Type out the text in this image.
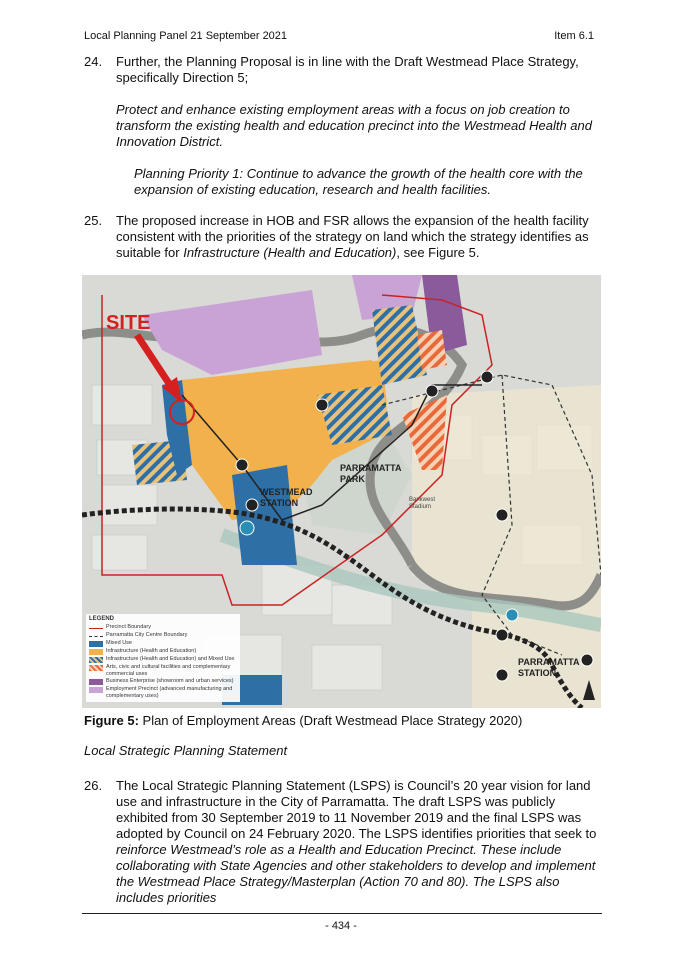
Local Planning Panel 21 September 2021	Item 6.1
24.	Further, the Planning Proposal is in line with the Draft Westmead Place Strategy, specifically Direction 5;
Protect and enhance existing employment areas with a focus on job creation to transform the existing health and education precinct into the Westmead Health and Innovation District.
Planning Priority 1: Continue to advance the growth of the health core with the expansion of existing education, research and health facilities.
25.	The proposed increase in HOB and FSR allows the expansion of the health facility consistent with the priorities of the strategy on land which the strategy identifies as suitable for Infrastructure (Health and Education), see Figure 5.
SITE
PARRAMATTA
PARK
WESTMEAD
STATION	Bankwest
Stadium
PARRAMATTA
STATION
LEGEND
Precinct Boundary
Parramatta City Centre Boundary
Mixed Use
Infrastructure (Health and Education)
Infrastructure (Health and Education) and Mixed Use
Arts, civic and cultural facilities and complementary commercial uses
Business Enterprise (showroom and urban services)
Employment Precinct (advanced manufacturing and complementary uses)
Figure 5: Plan of Employment Areas (Draft Westmead Place Strategy 2020)
Local Strategic Planning Statement
26.	The Local Strategic Planning Statement (LSPS) is Council’s 20 year vision for land use and infrastructure in the City of Parramatta. The draft LSPS was publicly exhibited from 30 September 2019 to 11 November 2019 and the final LSPS was adopted by Council on 24 February 2020. The LSPS identifies priorities that seek to reinforce Westmead’s role as a Health and Education Precinct. These include collaborating with State Agencies and other stakeholders to develop and implement the Westmead Place Strategy/Masterplan (Action 70 and 80). The LSPS also includes priorities
- 434 -
